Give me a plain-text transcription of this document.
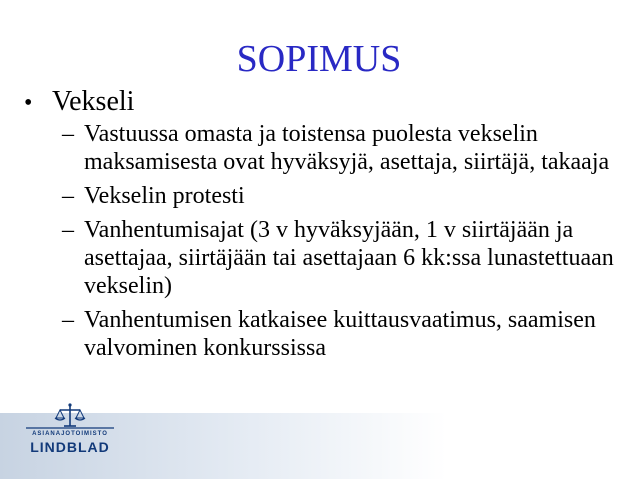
SOPIMUS
• Vekseli
– Vastuussa omasta ja toistensa puolesta vekselin maksamisesta ovat hyväksyjä, asettaja, siirtäjä, takaaja
– Vekselin protesti
– Vanhentumisajat (3 v hyväksyjään, 1 v siirtäjään ja asettajaa, siirtäjään tai asettajaan 6 kk:ssa lunastettuaan vekselin)
– Vanhentumisen katkaisee kuittausvaatimus, saamisen valvominen konkurssissa
ASIANAJOTOIMISTO
LINDBLAD
